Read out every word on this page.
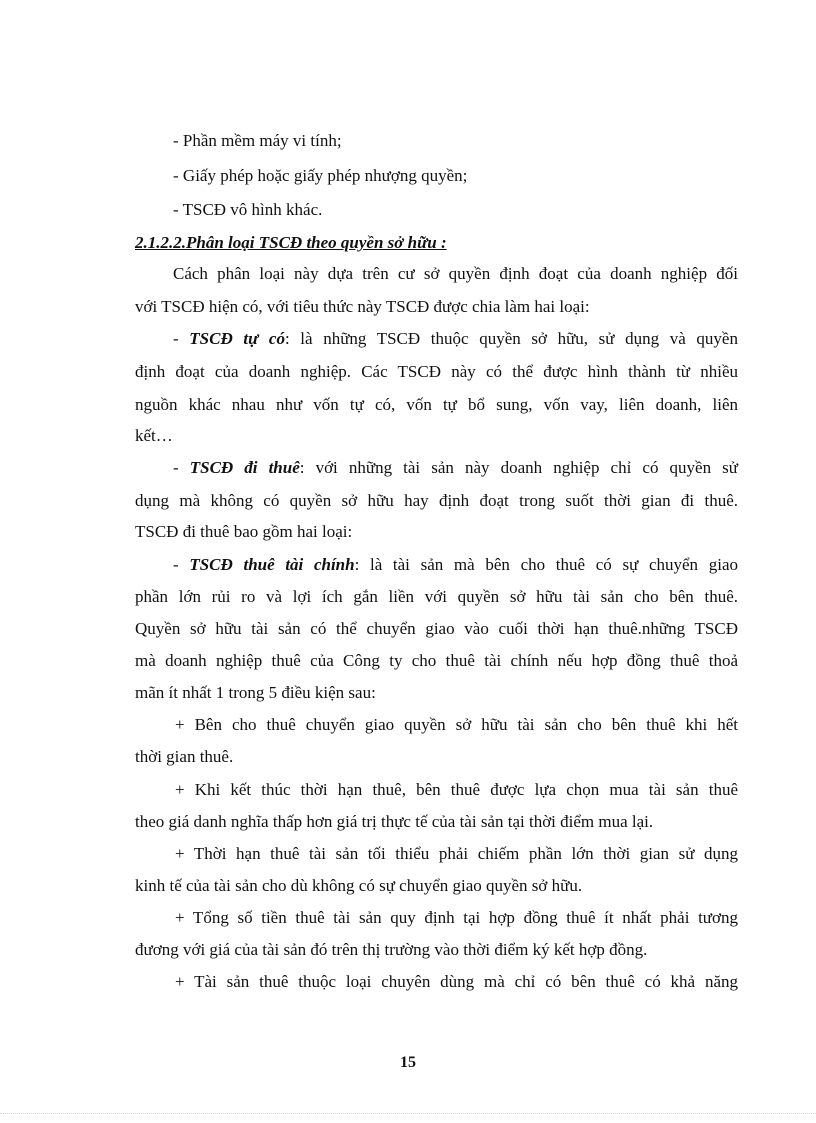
- Phần mềm máy vi tính;
- Giấy phép hoặc giấy phép nhượng quyền;
- TSCĐ vô hình khác.
2.1.2.2.Phân loại TSCĐ theo quyền sở hữu :
Cách phân loại này dựa trên cư sở quyền định đoạt của doanh nghiệp đối
với TSCĐ hiện có, với tiêu thức này TSCĐ được chia làm hai loại:
- TSCĐ tự có: là những TSCĐ thuộc quyền sở hữu, sử dụng và quyền
định đoạt của doanh nghiệp. Các TSCĐ này có thể được hình thành từ nhiều
nguồn khác nhau như vốn tự có, vốn tự bổ sung, vốn vay, liên doanh, liên
kết…
- TSCĐ đi thuê: với những tài sản này doanh nghiệp chỉ có quyền sử
dụng mà không có quyền sở hữu hay định đoạt trong suốt thời gian đi thuê.
TSCĐ đi thuê bao gồm hai loại:
- TSCĐ thuê tài chính: là tài sản mà bên cho thuê có sự chuyển giao
phần lớn rủi ro và lợi ích gắn liền với quyền sở hữu tài sản cho bên thuê.
Quyền sở hữu tài sản có thể chuyển giao vào cuối thời hạn thuê.những TSCĐ
mà doanh nghiệp thuê của Công ty cho thuê tài chính nếu hợp đồng thuê thoả
mãn ít nhất 1 trong 5 điều kiện sau:
+ Bên cho thuê chuyển giao quyền sở hữu tài sản cho bên thuê khi hết
thời gian thuê.
+ Khi kết thúc thời hạn thuê, bên thuê được lựa chọn mua tài sản thuê
theo giá danh nghĩa thấp hơn giá trị thực tế của tài sản tại thời điểm mua lại.
+ Thời hạn thuê tài sản tối thiểu phải chiếm phần lớn thời gian sử dụng
kinh tế của tài sản cho dù không có sự chuyển giao quyền sở hữu.
+ Tổng số tiền thuê tài sản quy định tại hợp đồng thuê ít nhất phải tương
đương với giá của tài sản đó trên thị trường vào thời điểm ký kết hợp đồng.
+ Tài sản thuê thuộc loại chuyên dùng mà chỉ có bên thuê có khả năng
15
